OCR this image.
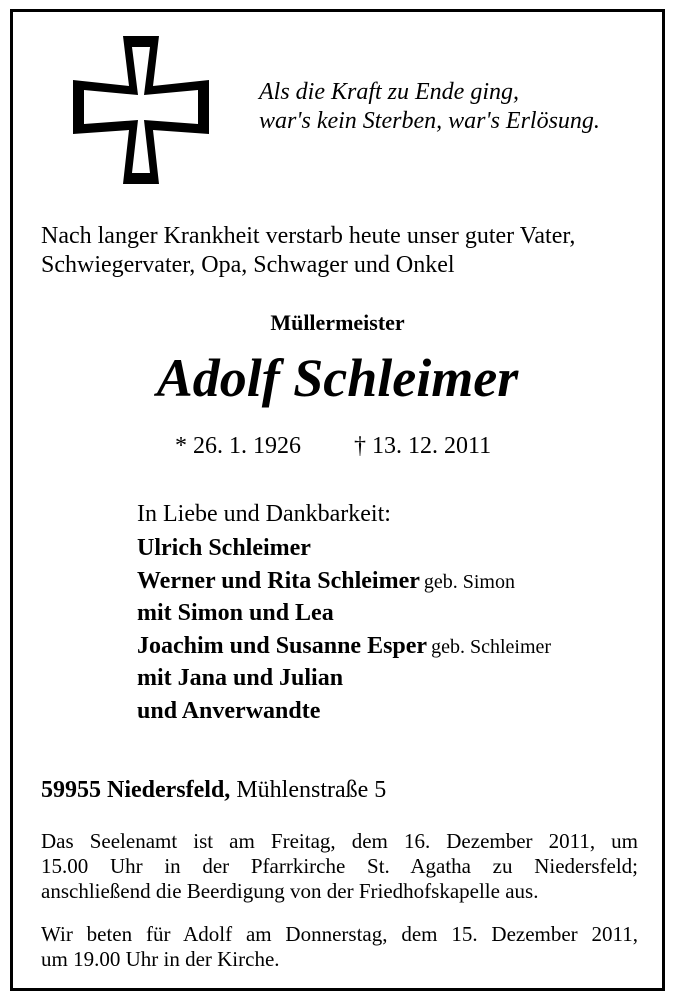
Als die Kraft zu Ende ging,
war's kein Sterben, war's Erlösung.
Nach langer Krankheit verstarb heute unser guter Vater,
Schwiegervater, Opa, Schwager und Onkel
Müllermeister
Adolf Schleimer
* 26. 1. 1926 † 13. 12. 2011
In Liebe und Dankbarkeit:
Ulrich Schleimer
Werner und Rita Schleimer geb. Simon
mit Simon und Lea
Joachim und Susanne Esper geb. Schleimer
mit Jana und Julian
und Anverwandte
59955 Niedersfeld, Mühlenstraße 5
Das Seelenamt ist am Freitag, dem 16. Dezember 2011, um
15.00 Uhr in der Pfarrkirche St. Agatha zu Niedersfeld;
anschließend die Beerdigung von der Friedhofskapelle aus.
Wir beten für Adolf am Donnerstag, dem 15. Dezember 2011,
um 19.00 Uhr in der Kirche.
